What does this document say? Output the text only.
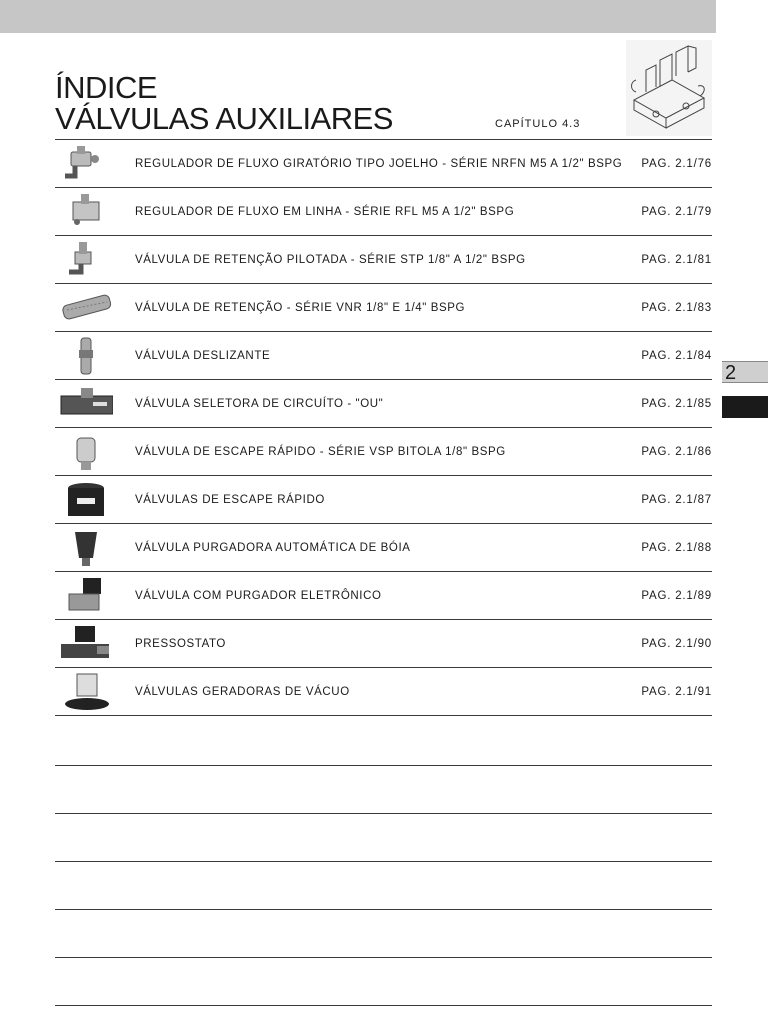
ÍNDICE
VÁLVULAS AUXILIARES	CAPÍTULO 4.3
REGULADOR DE FLUXO GIRATÓRIO TIPO JOELHO - SÉRIE NRFN M5 A 1/2" BSPG PAG. 2.1/76
REGULADOR DE FLUXO EM LINHA - SÉRIE RFL M5 A 1/2" BSPG	PAG. 2.1/79
VÁLVULA DE RETENÇÃO PILOTADA - SÉRIE STP 1/8" A 1/2" BSPG	PAG. 2.1/81
VÁLVULA DE RETENÇÃO - SÉRIE VNR 1/8" E 1/4" BSPG	PAG. 2.1/83
VÁLVULA DESLIZANTE	PAG. 2.1/84
VÁLVULA SELETORA DE CIRCUÍTO - "OU"	PAG. 2.1/85
VÁLVULA DE ESCAPE RÁPIDO - SÉRIE VSP BITOLA 1/8" BSPG	PAG. 2.1/86
VÁLVULAS DE ESCAPE RÁPIDO	PAG. 2.1/87
VÁLVULA PURGADORA AUTOMÁTICA DE BÓIA	PAG. 2.1/88
VÁLVULA COM PURGADOR ELETRÔNICO	PAG. 2.1/89
PRESSOSTATO	PAG. 2.1/90
VÁLVULAS GERADORAS DE VÁCUO	PAG. 2.1/91
2
